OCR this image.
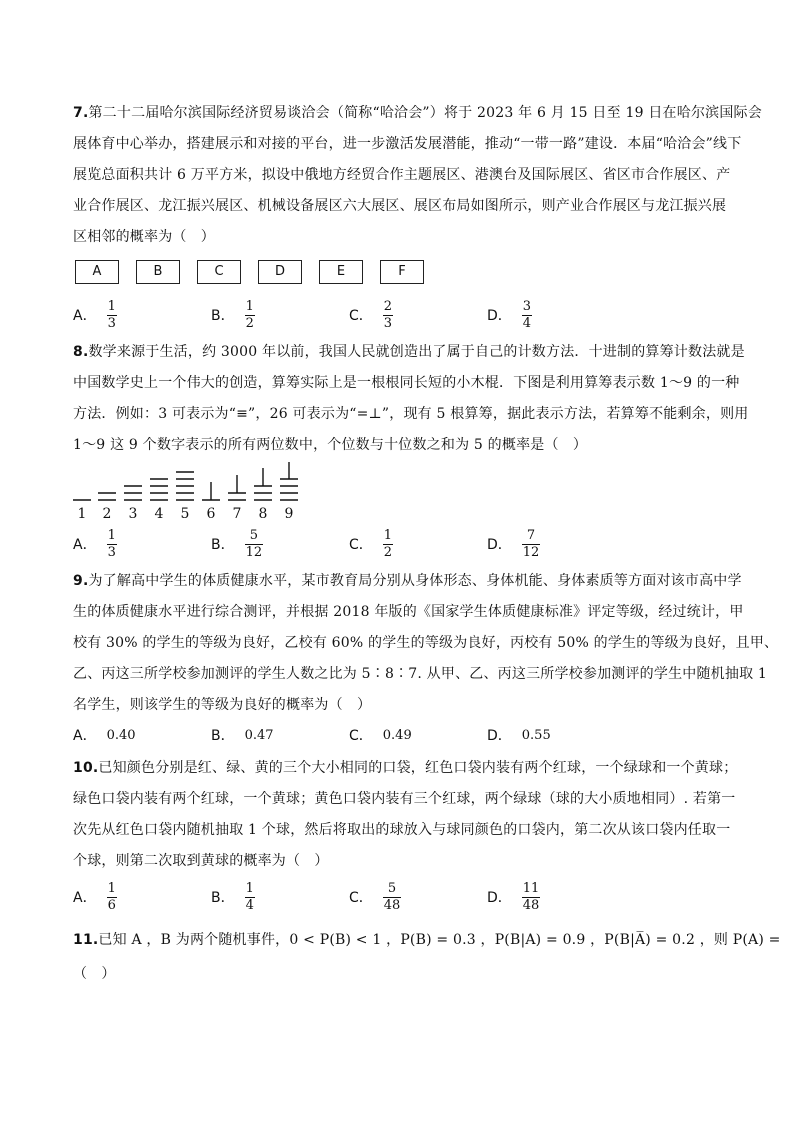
7.第二十二届哈尔滨国际经济贸易谈洽会（简称“哈洽会”）将于 2023 年 6 月 15 日至 19 日在哈尔滨国际会
展体育中心举办，搭建展示和对接的平台，进一步激活发展潜能，推动“一带一路”建设．本届“哈洽会”线下
展览总面积共计 6 万平方米，拟设中俄地方经贸合作主题展区、港澳台及国际展区、省区市合作展区、产
业合作展区、龙江振兴展区、机械设备展区六大展区、展区布局如图所示，则产业合作展区与龙江振兴展
区相邻的概率为（　）
A	B	C	D	E	F
A． $\frac{1}{3}$	B． $\frac{1}{2}$	C． $\frac{2}{3}$	D． $\frac{3}{4}$
8.数学来源于生活，约 3000 年以前，我国人民就创造出了属于自己的计数方法．十进制的算筹计数法就是
中国数学史上一个伟大的创造，算筹实际上是一根根同长短的小木棍．下图是利用算筹表示数 1～9 的一种
方法．例如：3 可表示为“≡”，26 可表示为“=⊥”，现有 5 根算筹，据此表示方法，若算筹不能剩余，则用
1～9 这 9 个数字表示的所有两位数中，个位数与十位数之和为 5 的概率是（　）
1 2 3 4 5 6 7 8 9
A． $\frac{1}{3}$	B． $\frac{5}{12}$	C． $\frac{1}{2}$	D． $\frac{7}{12}$
9.为了解高中学生的体质健康水平，某市教育局分别从身体形态、身体机能、身体素质等方面对该市高中学
生的体质健康水平进行综合测评，并根据 2018 年版的《国家学生体质健康标准》评定等级，经过统计，甲
校有 30% 的学生的等级为良好，乙校有 60% 的学生的等级为良好，丙校有 50% 的学生的等级为良好，且甲、
乙、丙这三所学校参加测评的学生人数之比为 5∶8∶7. 从甲、乙、丙这三所学校参加测评的学生中随机抽取 1
名学生，则该学生的等级为良好的概率为（　）
A． 0.40	B． 0.47	C． 0.49	D． 0.55
10.已知颜色分别是红、绿、黄的三个大小相同的口袋，红色口袋内装有两个红球，一个绿球和一个黄球；
绿色口袋内装有两个红球，一个黄球；黄色口袋内装有三个红球，两个绿球（球的大小质地相同）. 若第一
次先从红色口袋内随机抽取 1 个球，然后将取出的球放入与球同颜色的口袋内，第二次从该口袋内任取一
个球，则第二次取到黄球的概率为（　）
A． $\frac{1}{6}$	B． $\frac{1}{4}$	C． $\frac{5}{48}$	D． $\frac{11}{48}$
11.已知 A ，B 为两个随机事件，0 < P(B) < 1 ，P(B) = 0.3 ，P(B|A) = 0.9 ，P(B|A̅) = 0.2 ，则 P(A) =
（　）
